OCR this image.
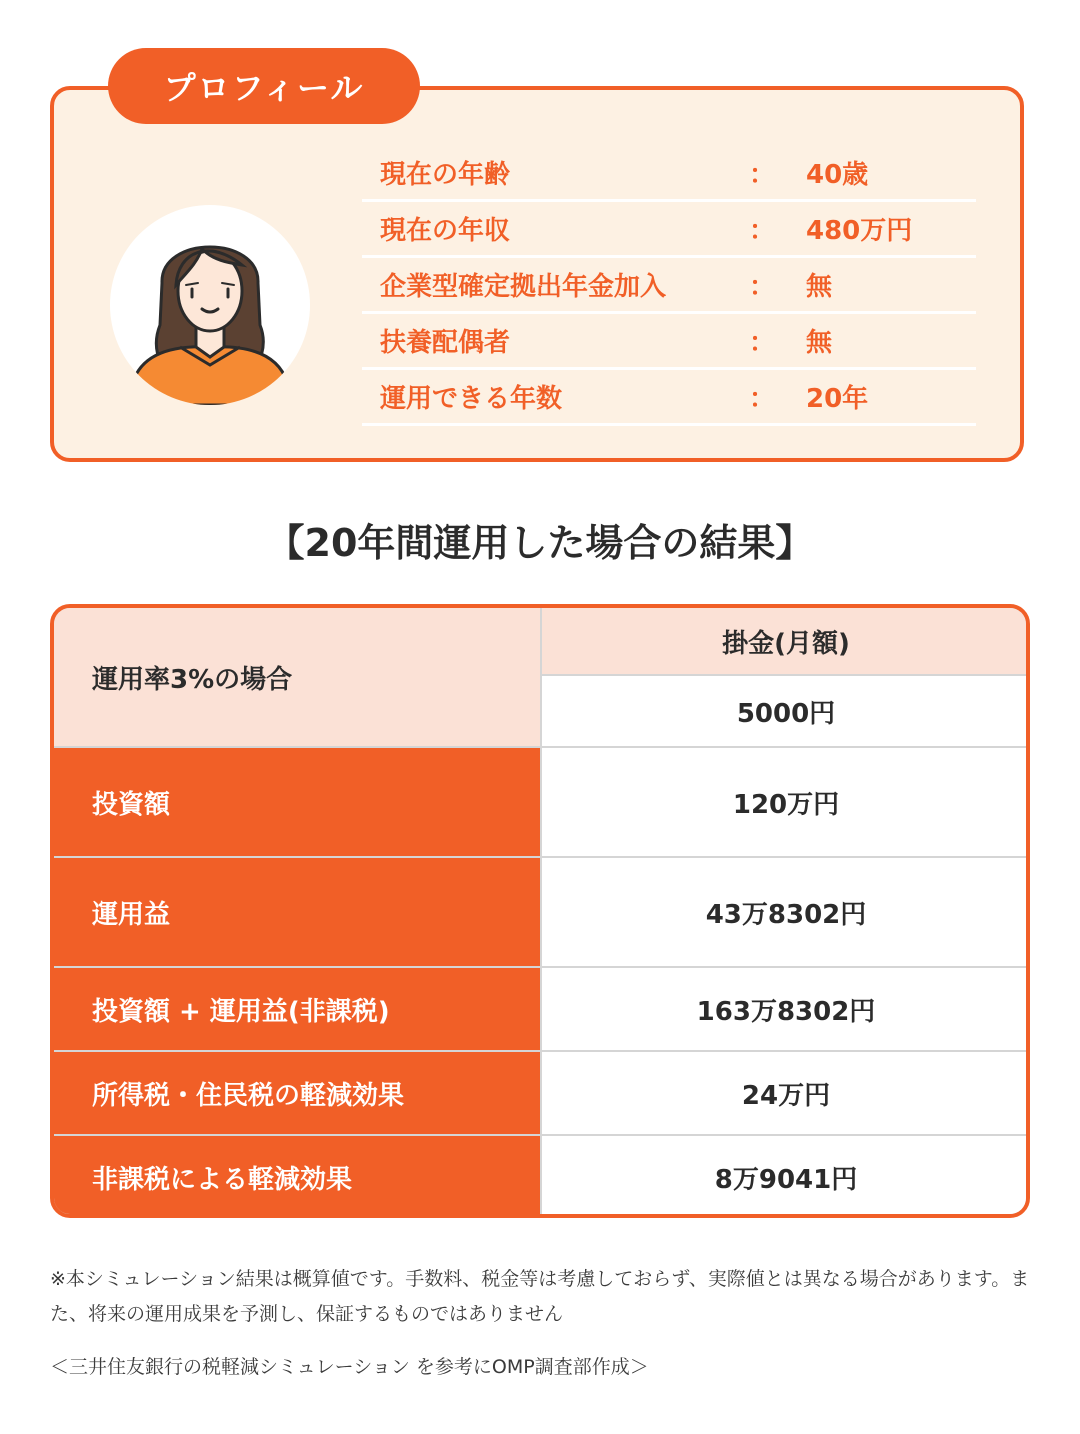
プロフィール
現在の年齢	：	40歳
現在の年収	：	480万円
企業型確定拠出年金加入	：	無
扶養配偶者	：	無
運用できる年数	：	20年
【20年間運用した場合の結果】
運用率3%の場合
掛金(月額)
5000円
投資額	120万円
運用益	43万8302円
投資額 + 運用益(非課税)	163万8302円
所得税・住民税の軽減効果	24万円
非課税による軽減効果	8万9041円
※本シミュレーション結果は概算値です。手数料、税金等は考慮しておらず、実際値とは異なる場合があります。また、将来の運用成果を予測し、保証するものではありません
＜三井住友銀行の税軽減シミュレーション を参考にOMP調査部作成＞
